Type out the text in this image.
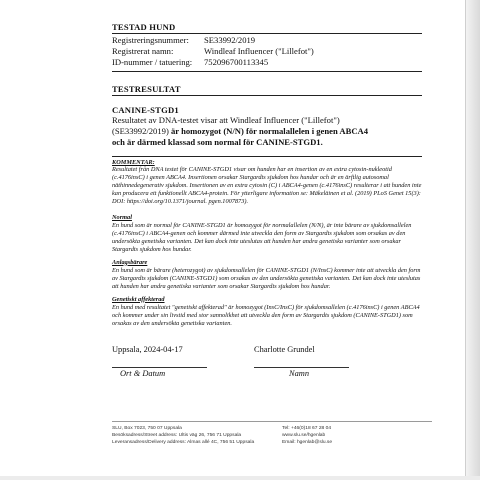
TESTAD HUND
Registreringsnummer:	SE33992/2019
Registrerat namn:	Windleaf Influencer ("Lillefot")
ID-nummer / tatuering:	752096700113345
TESTRESULTAT
CANINE-STGD1
Resultatet av DNA-testet visar att Windleaf Influencer ("Lillefot")
(SE33992/2019) är homozygot (N/N) för normalallelen i genen ABCA4
och är därmed klassad som normal för CANINE-STGD1.
KOMMENTAR:
Resultatet från DNA testet för CANINE-STGD1 visar om hunden har en insertion av en extra cytosin-nukleotid (c.4176insC) i genen ABCA4. Insertionen orsakar Stargardts sjukdom hos hundar och är en ärftlig autosomal näthinnedegenerativ sjukdom. Insertionen av en extra cytosin (C) i ABCA4-genen (c.4176insC) resulterar i att hunden inte kan producera ett funktionellt ABCA4-protein. För ytterligare information se: Mäkeläinen et al. (2019) PLoS Genet 15(3): DOI: https://doi.org/10.1371/journal. pgen.1007873).
Normal
En hund som är normal för CANINE-STGD1 är homozygot för normalallelen (N/N), är inte bärare av sjukdomsallelen (c.4176insC) i ABCA4-genen och kommer därmed inte utveckla den form av Stargardts sjukdom som orsakas av den undersökta genetiska varianten. Det kan dock inte uteslutas att hunden har andra genetiska varianter som orsakar Stargardts sjukdom hos hundar.
Anlagsbärare
En hund som är bärare (heterozygot) av sjukdomsallelen för CANINE-STGD1 (N/InsC) kommer inte att utveckla den form av Stargardts sjukdom (CANINE-STGD1) som orsakas av den undersökta genetiska varianten. Det kan dock inte uteslutas att hunden har andra genetiska varianter som orsakar Stargardts sjukdom hos hundar.
Genetiskt affekterad
En hund med resultatet "genetiskt affekterad" är homozygot (InsC/InsC) för sjukdomsallelen (c.4176insC) i genen ABCA4 och kommer under sin livstid med stor sannolikhet att utveckla den form av Stargardts sjukdom (CANINE-STGD1) som orsakas av den undersökta genetiska varianten.
Uppsala, 2024-04-17	Charlotte Grundel
Ort & Datum	Namn
SLU, Box 7023, 750 07 Uppsala	Tel: +46(0)18 67 28 04
Besöksadress/Street address: Ultis väg 26, 756 71 Uppsala	www.slu.se/hgenlab
Leveransadress/Delivery address: Almas allé 4C, 756 51 Uppsala	Email: hgenlab@slu.se
